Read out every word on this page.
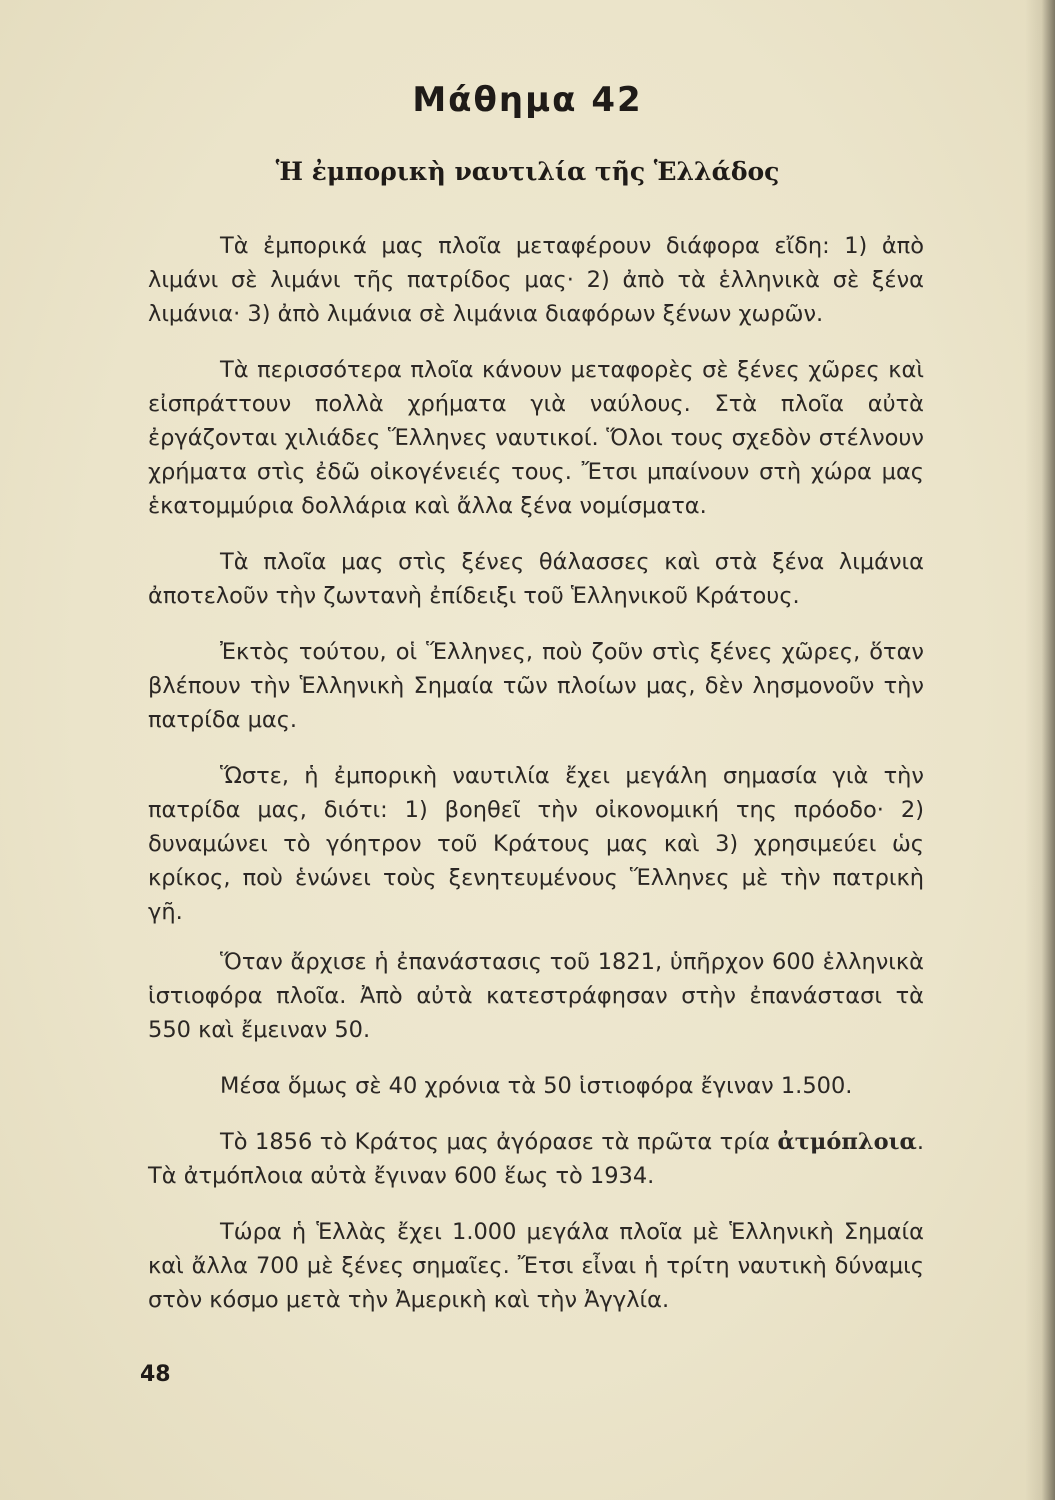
Μάθημα 42
Ἡ ἐμπορικὴ ναυτιλία τῆς Ἑλλάδος

Τὰ ἐμπορικά μας πλοῖα μεταφέρουν διάφορα εἴδη: 1) ἀπὸ λιμάνι σὲ λιμάνι τῆς πατρίδος μας· 2) ἀπὸ τὰ ἑλληνικὰ σὲ ξένα λιμάνια· 3) ἀπὸ λιμάνια σὲ λιμάνια διαφόρων ξένων χωρῶν.

Τὰ περισσότερα πλοῖα κάνουν μεταφορὲς σὲ ξένες χῶρες καὶ εἰσπράττουν πολλὰ χρήματα γιὰ ναύλους. Στὰ πλοῖα αὐτὰ ἐργάζονται χιλιάδες Ἕλληνες ναυτικοί. Ὅλοι τους σχεδὸν στέλνουν χρήματα στὶς ἐδῶ οἰκογένειές τους. Ἔτσι μπαίνουν στὴ χώρα μας ἑκατομμύρια δολλάρια καὶ ἄλλα ξένα νομίσματα.

Τὰ πλοῖα μας στὶς ξένες θάλασσες καὶ στὰ ξένα λιμάνια ἀποτελοῦν τὴν ζωντανὴ ἐπίδειξι τοῦ Ἑλληνικοῦ Κράτους.

Ἐκτὸς τούτου, οἱ Ἕλληνες, ποὺ ζοῦν στὶς ξένες χῶρες, ὅταν βλέπουν τὴν Ἑλληνικὴ Σημαία τῶν πλοίων μας, δὲν λησμονοῦν τὴν πατρίδα μας.

Ὥστε, ἡ ἐμπορικὴ ναυτιλία ἔχει μεγάλη σημασία γιὰ τὴν πατρίδα μας, διότι: 1) βοηθεῖ τὴν οἰκονομική της πρόοδο· 2) δυναμώνει τὸ γόητρον τοῦ Κράτους μας καὶ 3) χρησιμεύει ὡς κρίκος, ποὺ ἑνώνει τοὺς ξενητευμένους Ἕλληνες μὲ τὴν πατρικὴ γῆ.

Ὅταν ἄρχισε ἡ ἐπανάστασις τοῦ 1821, ὑπῆρχον 600 ἑλληνικὰ ἱστιοφόρα πλοῖα. Ἀπὸ αὐτὰ κατεστράφησαν στὴν ἐπανάστασι τὰ 550 καὶ ἔμειναν 50.

Μέσα ὅμως σὲ 40 χρόνια τὰ 50 ἱστιοφόρα ἔγιναν 1.500.

Τὸ 1856 τὸ Κράτος μας ἀγόρασε τὰ πρῶτα τρία ἀτμόπλοια. Τὰ ἀτμόπλοια αὐτὰ ἔγιναν 600 ἕως τὸ 1934.

Τώρα ἡ Ἑλλὰς ἔχει 1.000 μεγάλα πλοῖα μὲ Ἑλληνικὴ Σημαία καὶ ἄλλα 700 μὲ ξένες σημαῖες. Ἔτσι εἶναι ἡ τρίτη ναυτικὴ δύναμις στὸν κόσμο μετὰ τὴν Ἀμερικὴ καὶ τὴν Ἀγγλία.

48
